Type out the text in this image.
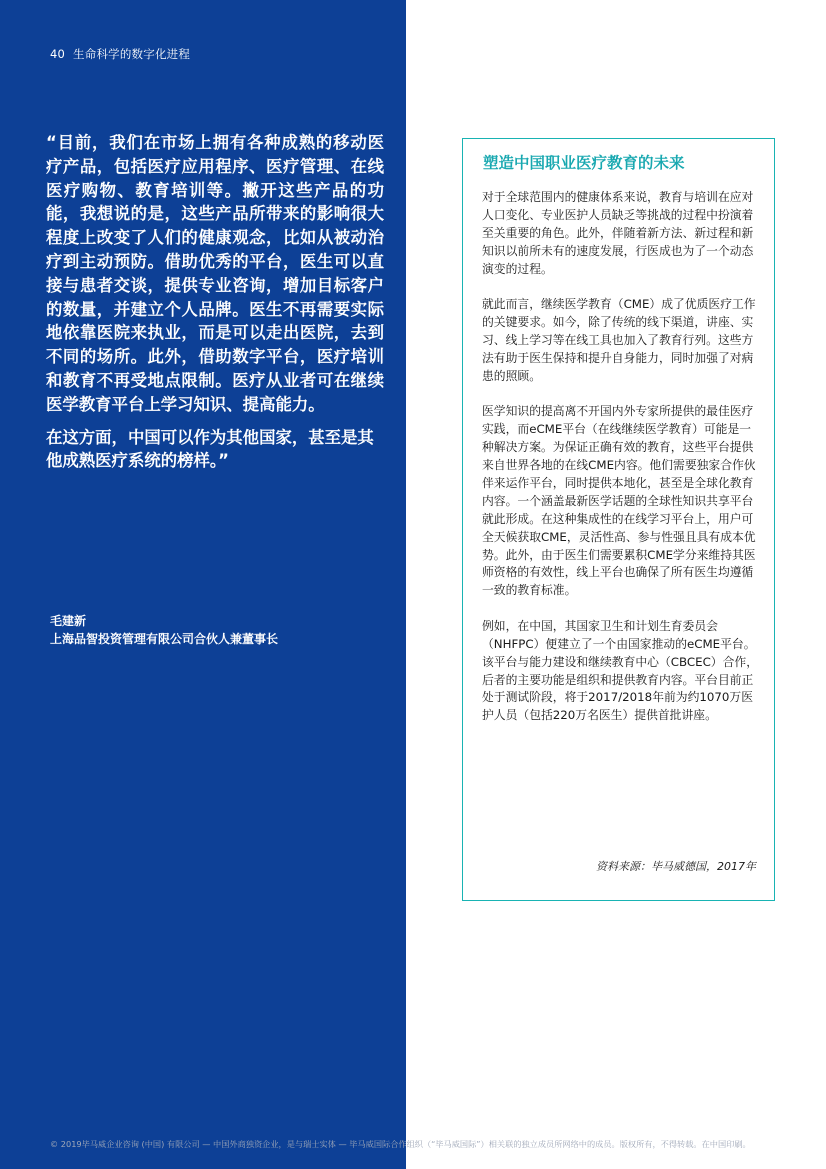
40 生命科学的数字化进程

“目前，我们在市场上拥有各种成熟的移动医疗产品，包括医疗应用程序、医疗管理、在线医疗购物、教育培训等。撇开这些产品的功能，我想说的是，这些产品所带来的影响很大程度上改变了人们的健康观念，比如从被动治疗到主动预防。借助优秀的平台，医生可以直接与患者交谈，提供专业咨询，增加目标客户的数量，并建立个人品牌。医生不再需要实际地依靠医院来执业，而是可以走出医院，去到不同的场所。此外，借助数字平台，医疗培训和教育不再受地点限制。医疗从业者可在继续医学教育平台上学习知识、提高能力。

在这方面，中国可以作为其他国家，甚至是其他成熟医疗系统的榜样。”

毛建新
上海品智投资管理有限公司合伙人兼董事长
塑造中国职业医疗教育的未来

对于全球范围内的健康体系来说，教育与培训在应对人口变化、专业医护人员缺乏等挑战的过程中扮演着至关重要的角色。此外，伴随着新方法、新过程和新知识以前所未有的速度发展，行医成也为了一个动态演变的过程。

就此而言，继续医学教育（CME）成了优质医疗工作的关键要求。如今，除了传统的线下渠道，讲座、实习、线上学习等在线工具也加入了教育行列。这些方法有助于医生保持和提升自身能力，同时加强了对病患的照顾。

医学知识的提高离不开国内外专家所提供的最佳医疗实践，而eCME平台（在线继续医学教育）可能是一种解决方案。为保证正确有效的教育，这些平台提供来自世界各地的在线CME内容。他们需要独家合作伙伴来运作平台，同时提供本地化，甚至是全球化教育内容。一个涵盖最新医学话题的全球性知识共享平台就此形成。在这种集成性的在线学习平台上，用户可全天候获取CME，灵活性高、参与性强且具有成本优势。此外，由于医生们需要累积CME学分来维持其医师资格的有效性，线上平台也确保了所有医生均遵循一致的教育标准。

例如，在中国，其国家卫生和计划生育委员会（NHFPC）便建立了一个由国家推动的eCME平台。该平台与能力建设和继续教育中心（CBCEC）合作，后者的主要功能是组织和提供教育内容。平台目前正处于测试阶段，将于2017/2018年前为约1070万医护人员（包括220万名医生）提供首批讲座。

资料来源：毕马威德国，2017年
© 2019毕马威企业咨询 (中国) 有限公司 — 中国外商独资企业，是与瑞士实体 — 毕马威国际合作组织（“毕马威国际”）相关联的独立成员所网络中的成员。版权所有，不得转载。在中国印刷。
